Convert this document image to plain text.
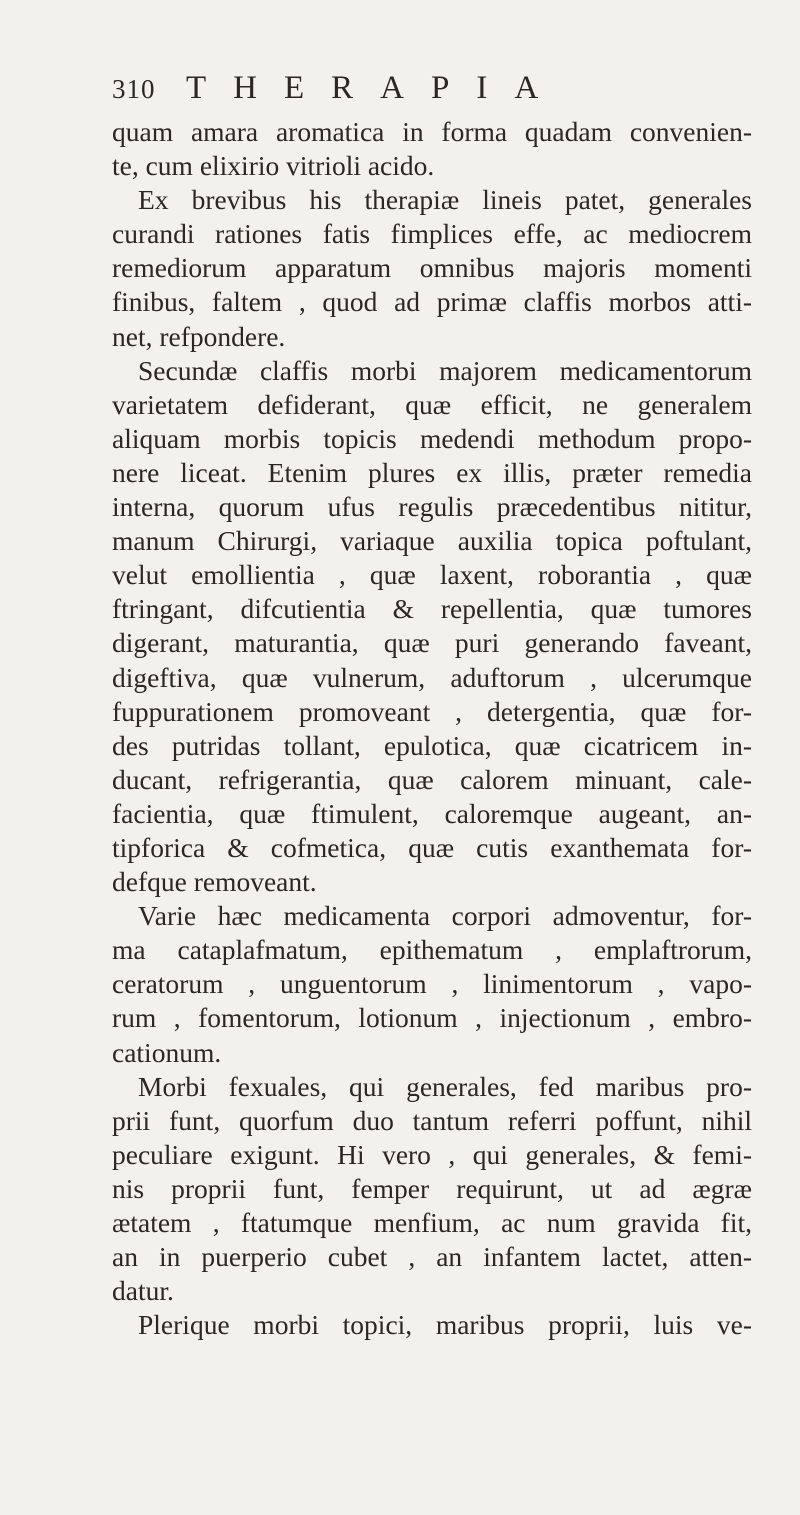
310 THERAPIA
quam amara aromatica in forma quadam convenien-
te, cum elixirio vitrioli acido.
Ex brevibus his therapiæ lineis patet, generales
curandi rationes fatis fimplices effe, ac mediocrem
remediorum apparatum omnibus majoris momenti
finibus, faltem , quod ad primæ claffis morbos atti-
net, refpondere.
Secundæ claffis morbi majorem medicamentorum
varietatem defiderant, quæ efficit, ne generalem
aliquam morbis topicis medendi methodum propo-
nere liceat. Etenim plures ex illis, præter remedia
interna, quorum ufus regulis præcedentibus nititur,
manum Chirurgi, variaque auxilia topica poftulant,
velut emollientia , quæ laxent, roborantia , quæ
ftringant, difcutientia & repellentia, quæ tumores
digerant, maturantia, quæ puri generando faveant,
digeftiva, quæ vulnerum, aduftorum , ulcerumque
fuppurationem promoveant , detergentia, quæ for-
des putridas tollant, epulotica, quæ cicatricem in-
ducant, refrigerantia, quæ calorem minuant, cale-
facientia, quæ ftimulent, caloremque augeant, an-
tipforica & cofmetica, quæ cutis exanthemata for-
defque removeant.
Varie hæc medicamenta corpori admoventur, for-
ma cataplafmatum, epithematum , emplaftrorum,
ceratorum , unguentorum , linimentorum , vapo-
rum , fomentorum, lotionum , injectionum , embro-
cationum.
Morbi fexuales, qui generales, fed maribus pro-
prii funt, quorfum duo tantum referri poffunt, nihil
peculiare exigunt. Hi vero , qui generales, & femi-
nis proprii funt, femper requirunt, ut ad ægræ
ætatem , ftatumque menfium, ac num gravida fit,
an in puerperio cubet , an infantem lactet, atten-
datur.
Plerique morbi topici, maribus proprii, luis ve-
